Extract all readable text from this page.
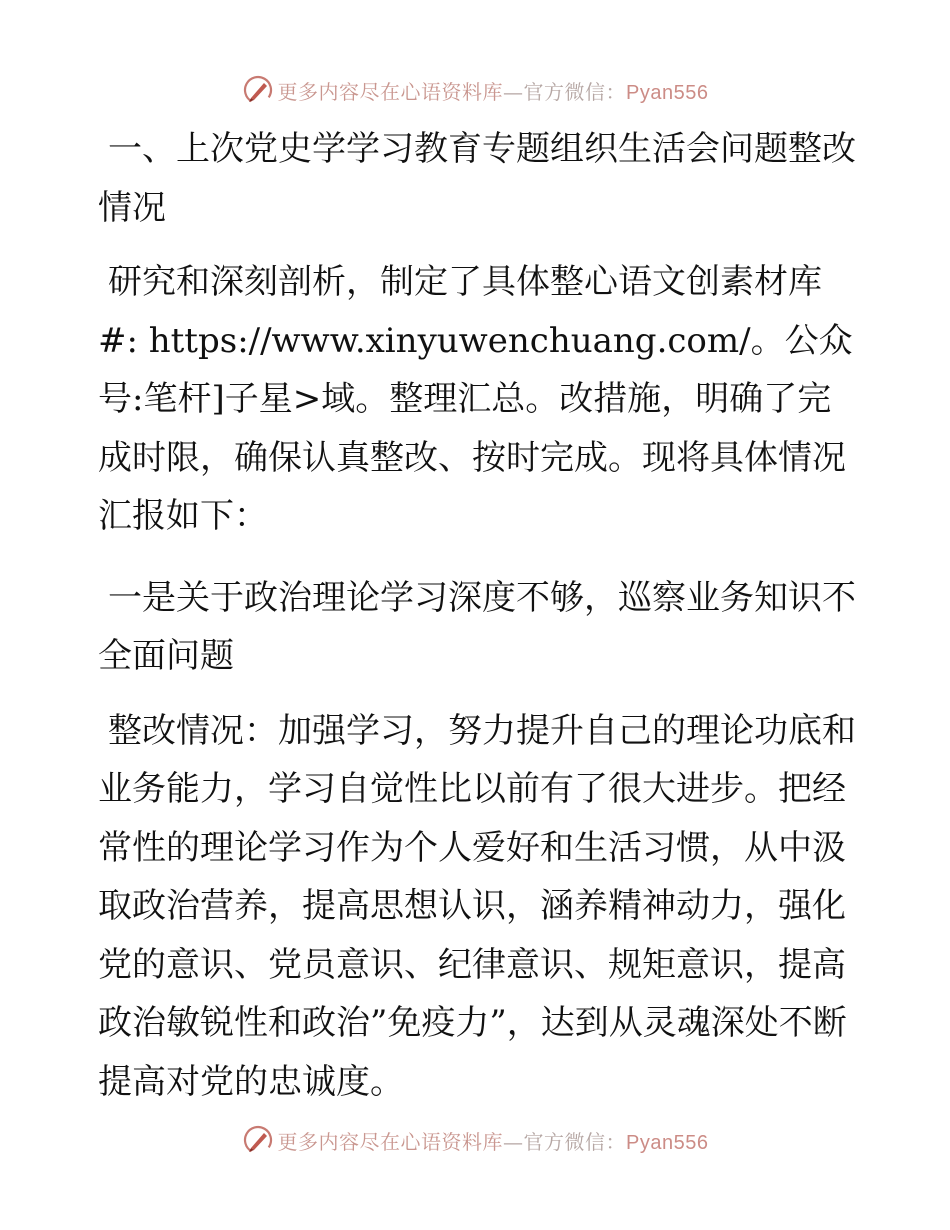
更多内容尽在心语资料库—官方微信：Pyan556

一、上次党史学学习教育专题组织生活会问题整改情况

研究和深刻剖析，制定了具体整心语文创素材库#: https://www.xinyuwenchuang.com/。公众号:笔杆]子星>域。整理汇总。改措施，明确了完成时限，确保认真整改、按时完成。现将具体情况汇报如下：

一是关于政治理论学习深度不够，巡察业务知识不全面问题

整改情况：加强学习，努力提升自己的理论功底和业务能力，学习自觉性比以前有了很大进步。把经常性的理论学习作为个人爱好和生活习惯，从中汲取政治营养，提高思想认识，涵养精神动力，强化党的意识、党员意识、纪律意识、规矩意识，提高政治敏锐性和政治”免疫力”，达到从灵魂深处不断提高对党的忠诚度。

更多内容尽在心语资料库—官方微信：Pyan556
